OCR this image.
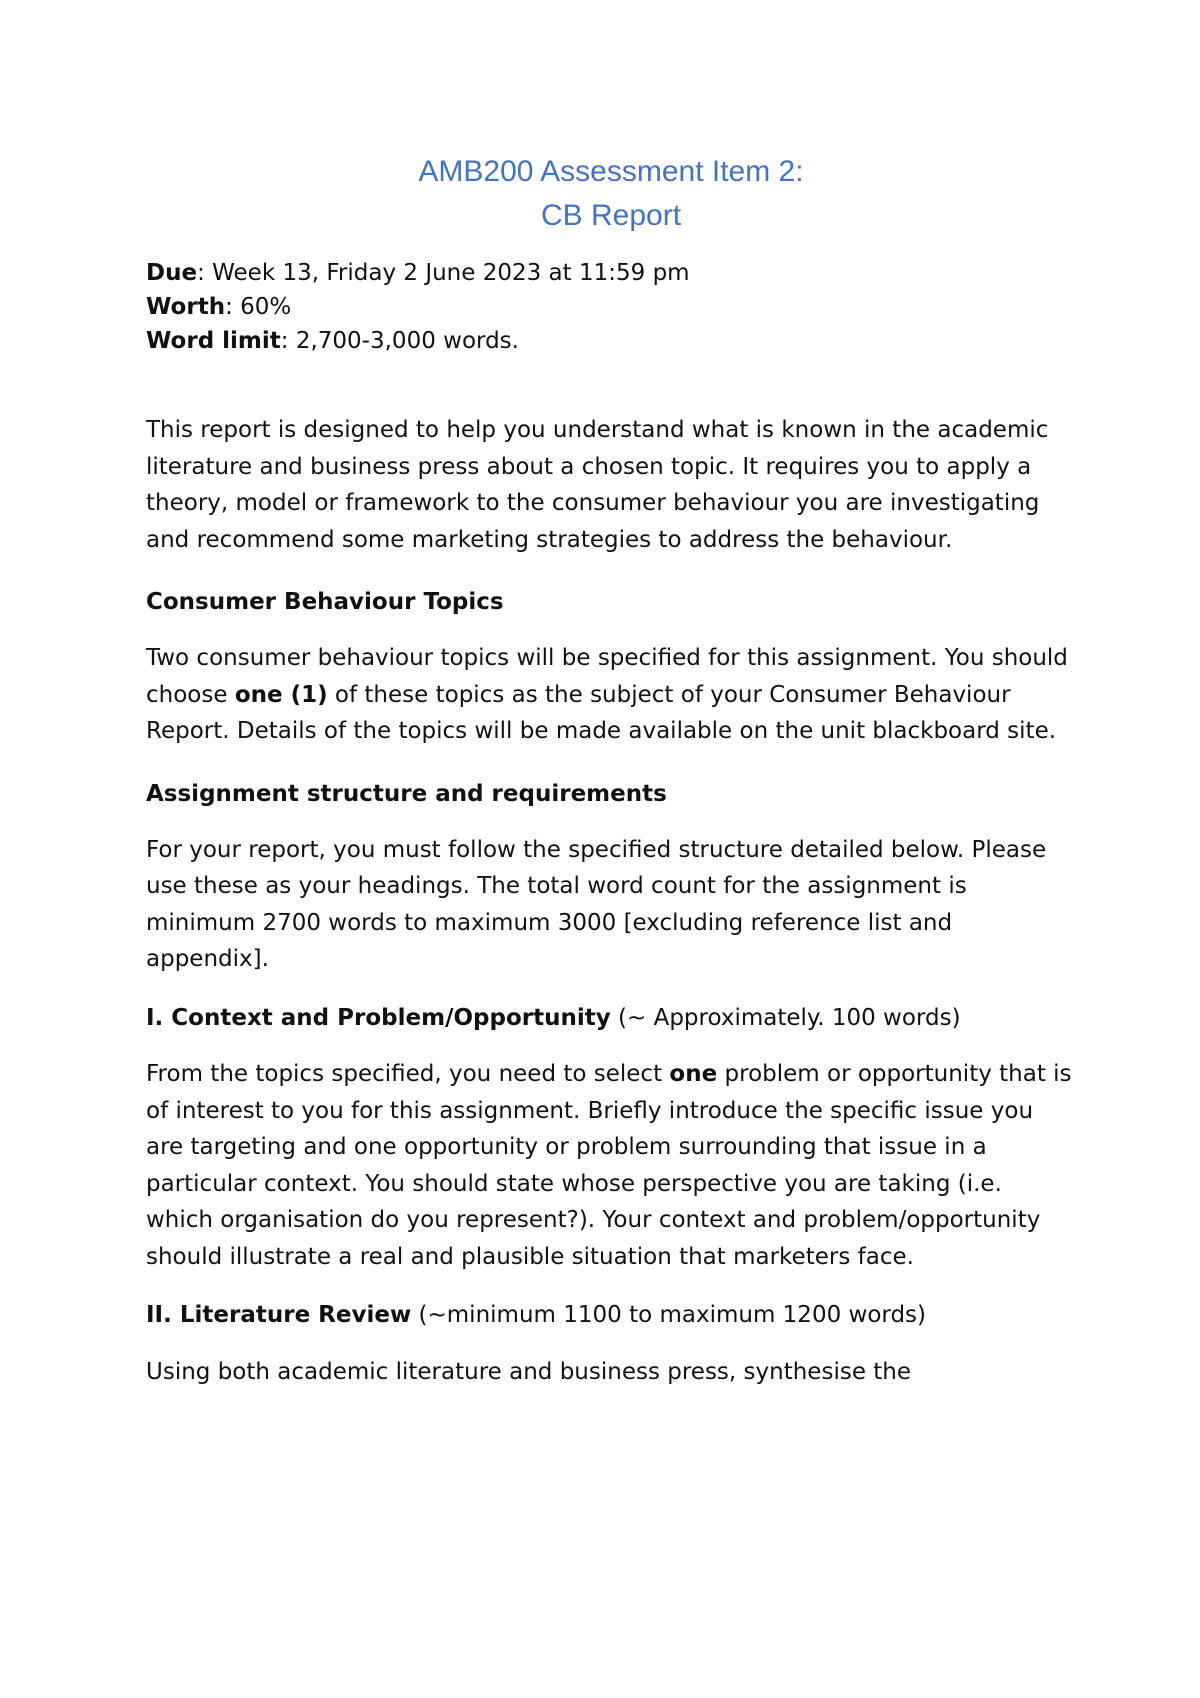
AMB200 Assessment Item 2:
CB Report
Due: Week 13, Friday 2 June 2023 at 11:59 pm
Worth: 60%
Word limit: 2,700-3,000 words.

This report is designed to help you understand what is known in the academic literature and business press about a chosen topic. It requires you to apply a theory, model or framework to the consumer behaviour you are investigating and recommend some marketing strategies to address the behaviour.

Consumer Behaviour Topics

Two consumer behaviour topics will be specified for this assignment. You should choose one (1) of these topics as the subject of your Consumer Behaviour Report. Details of the topics will be made available on the unit blackboard site.

Assignment structure and requirements

For your report, you must follow the specified structure detailed below. Please use these as your headings. The total word count for the assignment is minimum 2700 words to maximum 3000 [excluding reference list and appendix].

I. Context and Problem/Opportunity (~ Approximately. 100 words)

From the topics specified, you need to select one problem or opportunity that is of interest to you for this assignment. Briefly introduce the specific issue you are targeting and one opportunity or problem surrounding that issue in a particular context. You should state whose perspective you are taking (i.e. which organisation do you represent?). Your context and problem/opportunity should illustrate a real and plausible situation that marketers face.

II. Literature Review (~minimum 1100 to maximum 1200 words)

Using both academic literature and business press, synthesise the
